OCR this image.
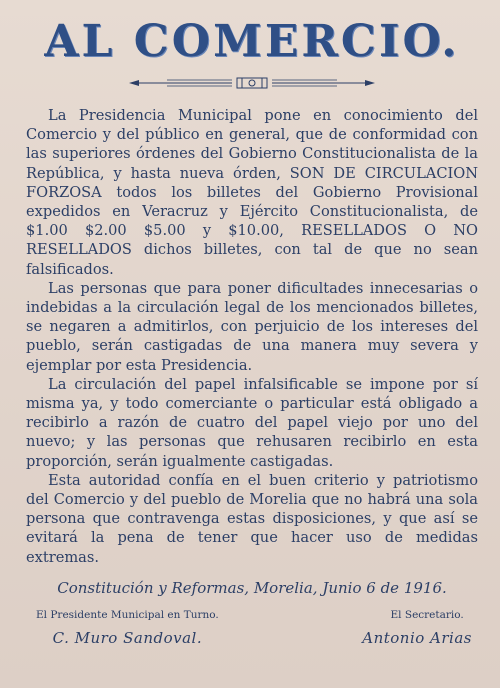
AL COMERCIO.

La Presidencia Municipal pone en conocimiento del Comercio y del público en general, que de conformidad con las superiores órdenes del Gobierno Constitucionalista de la República, y hasta nueva órden, SON DE CIRCULACION FORZOSA todos los billetes del Gobierno Provisional expedidos en Veracruz y Ejército Constitucionalista, de $1.00 $2.00 $5.00 y $10.00, RESELLADOS O NO RESELLADOS dichos billetes, con tal de que no sean falsificados.

Las personas que para poner dificultades innecesarias o indebidas a la circulación legal de los mencionados billetes, se negaren a admitirlos, con perjuicio de los intereses del pueblo, serán castigadas de una manera muy severa y ejemplar por esta Presidencia.

La circulación del papel infalsificable se impone por sí misma ya, y todo comerciante o particular está obligado a recibirlo a razón de cuatro del papel viejo por uno del nuevo; y las personas que rehusaren recibirlo en esta proporción, serán igualmente castigadas.

Esta autoridad confía en el buen criterio y patriotismo del Comercio y del pueblo de Morelia que no habrá una sola persona que contravenga estas disposiciones, y que así se evitará la pena de tener que hacer uso de medidas extremas.

Constitución y Reformas, Morelia, Junio 6 de 1916.

El Presidente Municipal en Turno.
C. Muro Sandoval.
El Secretario.
Antonio Arias
